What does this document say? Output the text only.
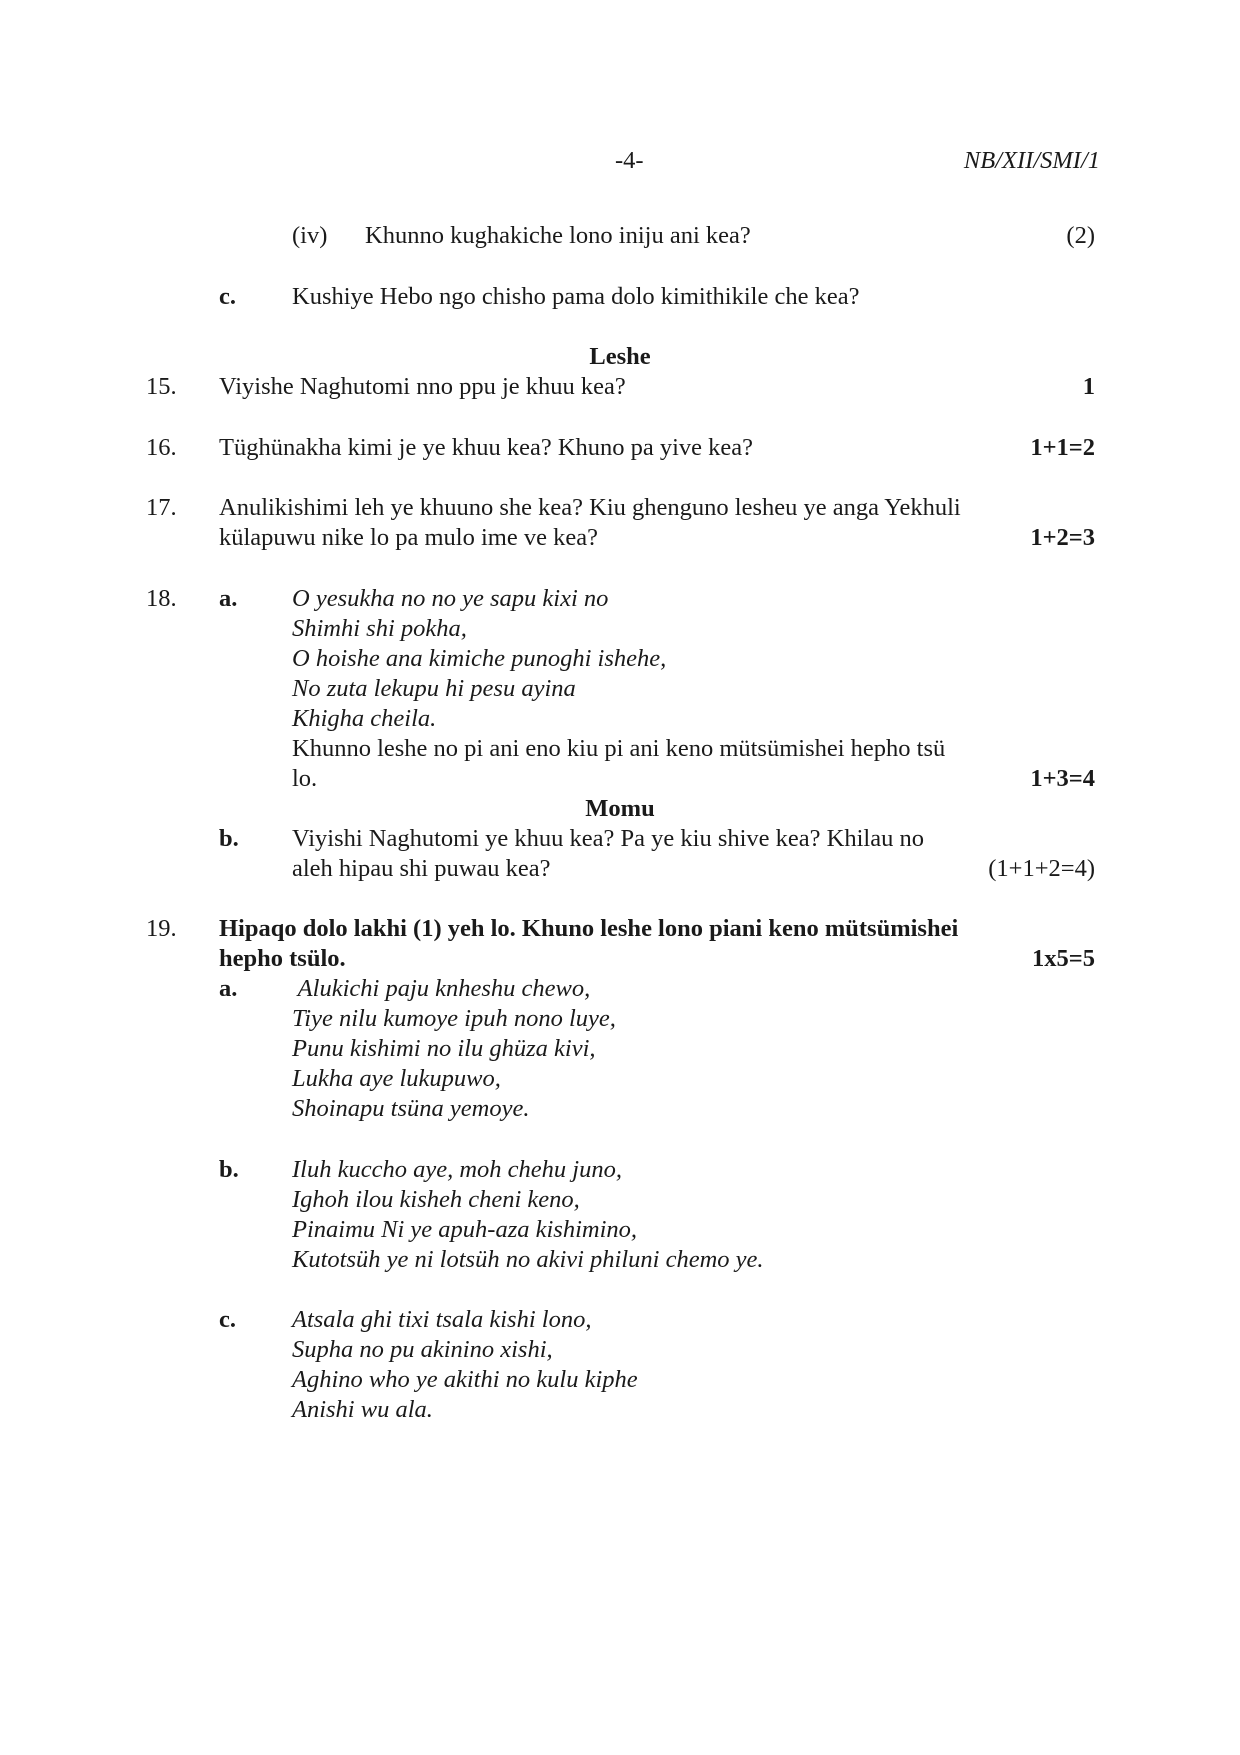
-4-	NB/XII/SMI/1
(iv) Khunno kughakiche lono iniju ani kea?	(2)
c. Kushiye Hebo ngo chisho pama dolo kimithikile che kea?
Leshe
15. Viyishe Naghutomi nno ppu je khuu kea?	1
16. Tüghünakha kimi je ye khuu kea? Khuno pa yive kea?	1+1=2
17. Anulikishimi leh ye khuuno she kea? Kiu ghenguno lesheu ye anga Yekhuli
külapuwu nike lo pa mulo ime ve kea?	1+2=3
18. a. O yesukha no no ye sapu kixi no
Shimhi shi pokha,
O hoishe ana kimiche punoghi ishehe,
No zuta lekupu hi pesu ayina
Khigha cheila.
Khunno leshe no pi ani eno kiu pi ani keno mütsümishei hepho tsü
lo.	1+3=4
Momu
b. Viyishi Naghutomi ye khuu kea? Pa ye kiu shive kea? Khilau no
aleh hipau shi puwau kea?	(1+1+2=4)
19. Hipaqo dolo lakhi (1) yeh lo. Khuno leshe lono piani keno mütsümishei
hepho tsülo.	1x5=5
a. Alukichi paju knheshu chewo,
Tiye nilu kumoye ipuh nono luye,
Punu kishimi no ilu ghüza kivi,
Lukha aye lukupuwo,
Shoinapu tsüna yemoye.
b. Iluh kuccho aye, moh chehu juno,
Ighoh ilou kisheh cheni keno,
Pinaimu Ni ye apuh-aza kishimino,
Kutotsüh ye ni lotsüh no akivi philuni chemo ye.
c. Atsala ghi tixi tsala kishi lono,
Supha no pu akinino xishi,
Aghino who ye akithi no kulu kiphe
Anishi wu ala.
